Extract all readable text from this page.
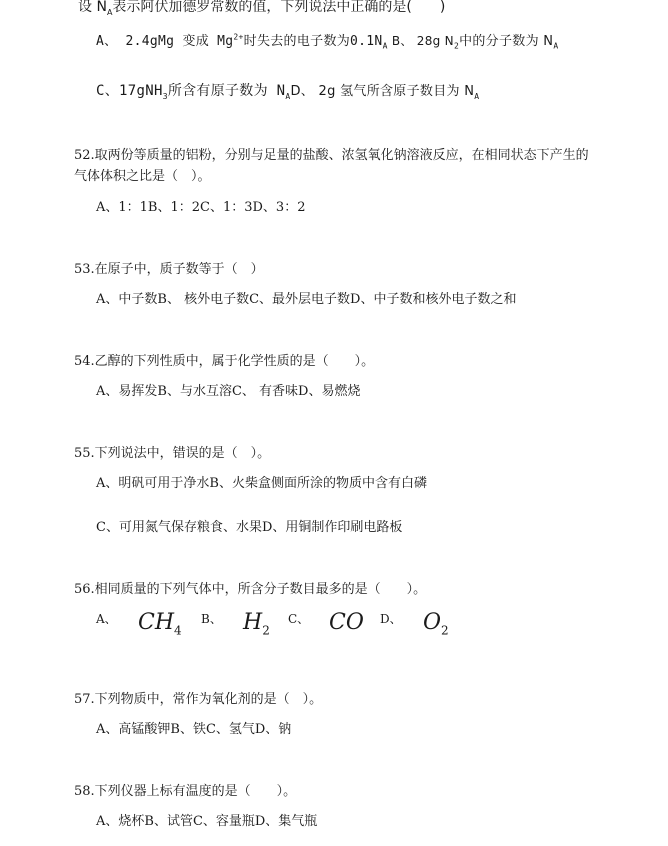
设 $N_A$表示阿伏加德罗常数的值，下列说法中正确的是(　　)
A、 2.4gMg 变成 $Mg^{2+}$时失去的电子数为$0.1N_A$ B、 28g $N_2$中的分子数为 $N_A$
C、17gNH$_3$所含有原子数为 $N_AD$、 2g 氢气所含原子数目为 $N_A$
52.取两份等质量的铝粉，分别与足量的盐酸、浓氢氧化钠溶液反应，在相同状态下产生的气体体积之比是（　）。
A、1：1B、1：2C、1：3D、3：2
53.在原子中，质子数等于（　）
A、中子数B、 核外电子数C、最外层电子数D、中子数和核外电子数之和
54.乙醇的下列性质中，属于化学性质的是（　　）。
A、易挥发B、与水互溶C、 有香味D、易燃烧
55.下列说法中，错误的是（　）。
A、明矾可用于净水B、火柴盒侧面所涂的物质中含有白磷
C、可用氮气保存粮食、水果D、用铜制作印刷电路板
56.相同质量的下列气体中，所含分子数目最多的是（　　）。
A、 $CH_4$
B、 $H_2$
C、 CO D、 $O_2$
57.下列物质中，常作为氧化剂的是（　）。
A、高锰酸钾B、铁C、氢气D、钠
58.下列仪器上标有温度的是（　　）。
A、烧杯B、试管C、容量瓶D、集气瓶
